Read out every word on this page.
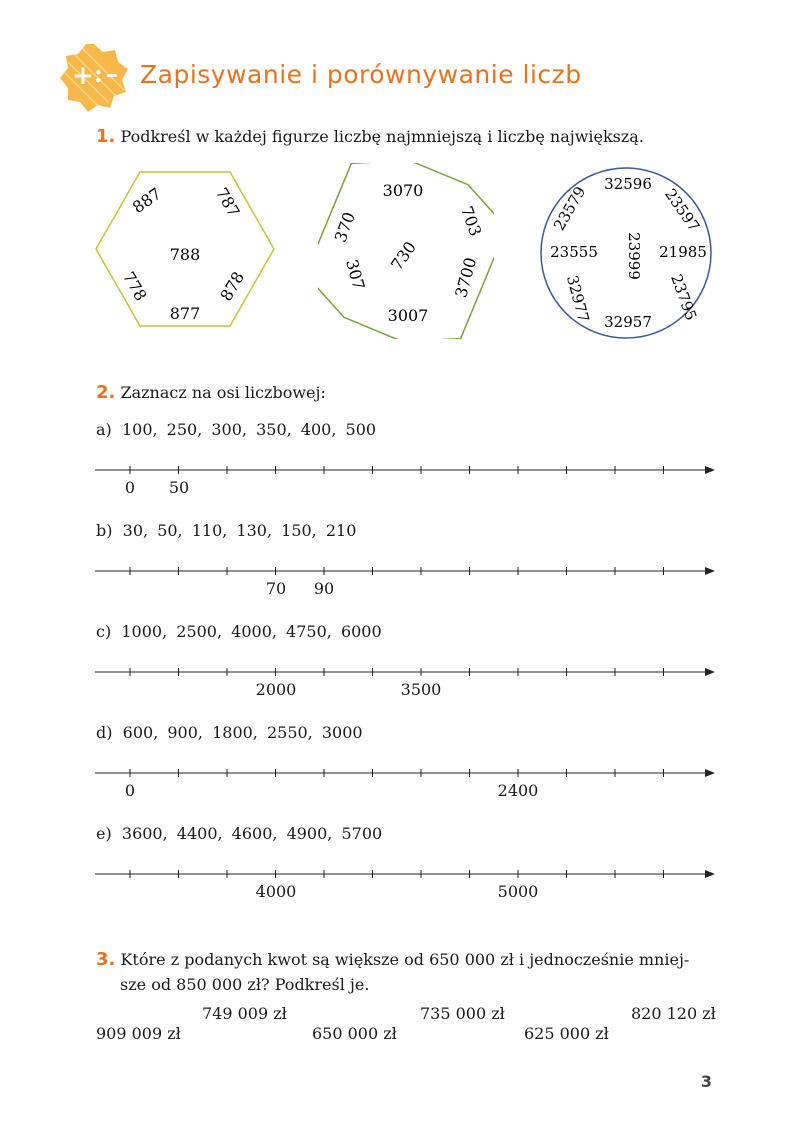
+ : – Zapisywanie i porównywanie liczb
1. Podkreśl w każdej figurze liczbę najmniejszą i liczbę największą.
887	787
788
778	878
877
3070
370	703
730
307	3700
3007
32596
23579	23597
23555 23999 21985
32977	23795
32957
2. Zaznacz na osi liczbowej:
a) 100, 250, 300, 350, 400, 500
0 50
b) 30, 50, 110, 130, 150, 210
70 90
c) 1000, 2500, 4000, 4750, 6000
2000	3500
d) 600, 900, 1800, 2550, 3000
0	2400
e) 3600, 4400, 4600, 4900, 5700
4000	5000
3. Które z podanych kwot są większe od 650 000 zł i jednocześnie mniej-
sze od 850 000 zł? Podkreśl je.
749 009 zł	735 000 zł	820 120 zł
909 009 zł	650 000 zł	625 000 zł
3
